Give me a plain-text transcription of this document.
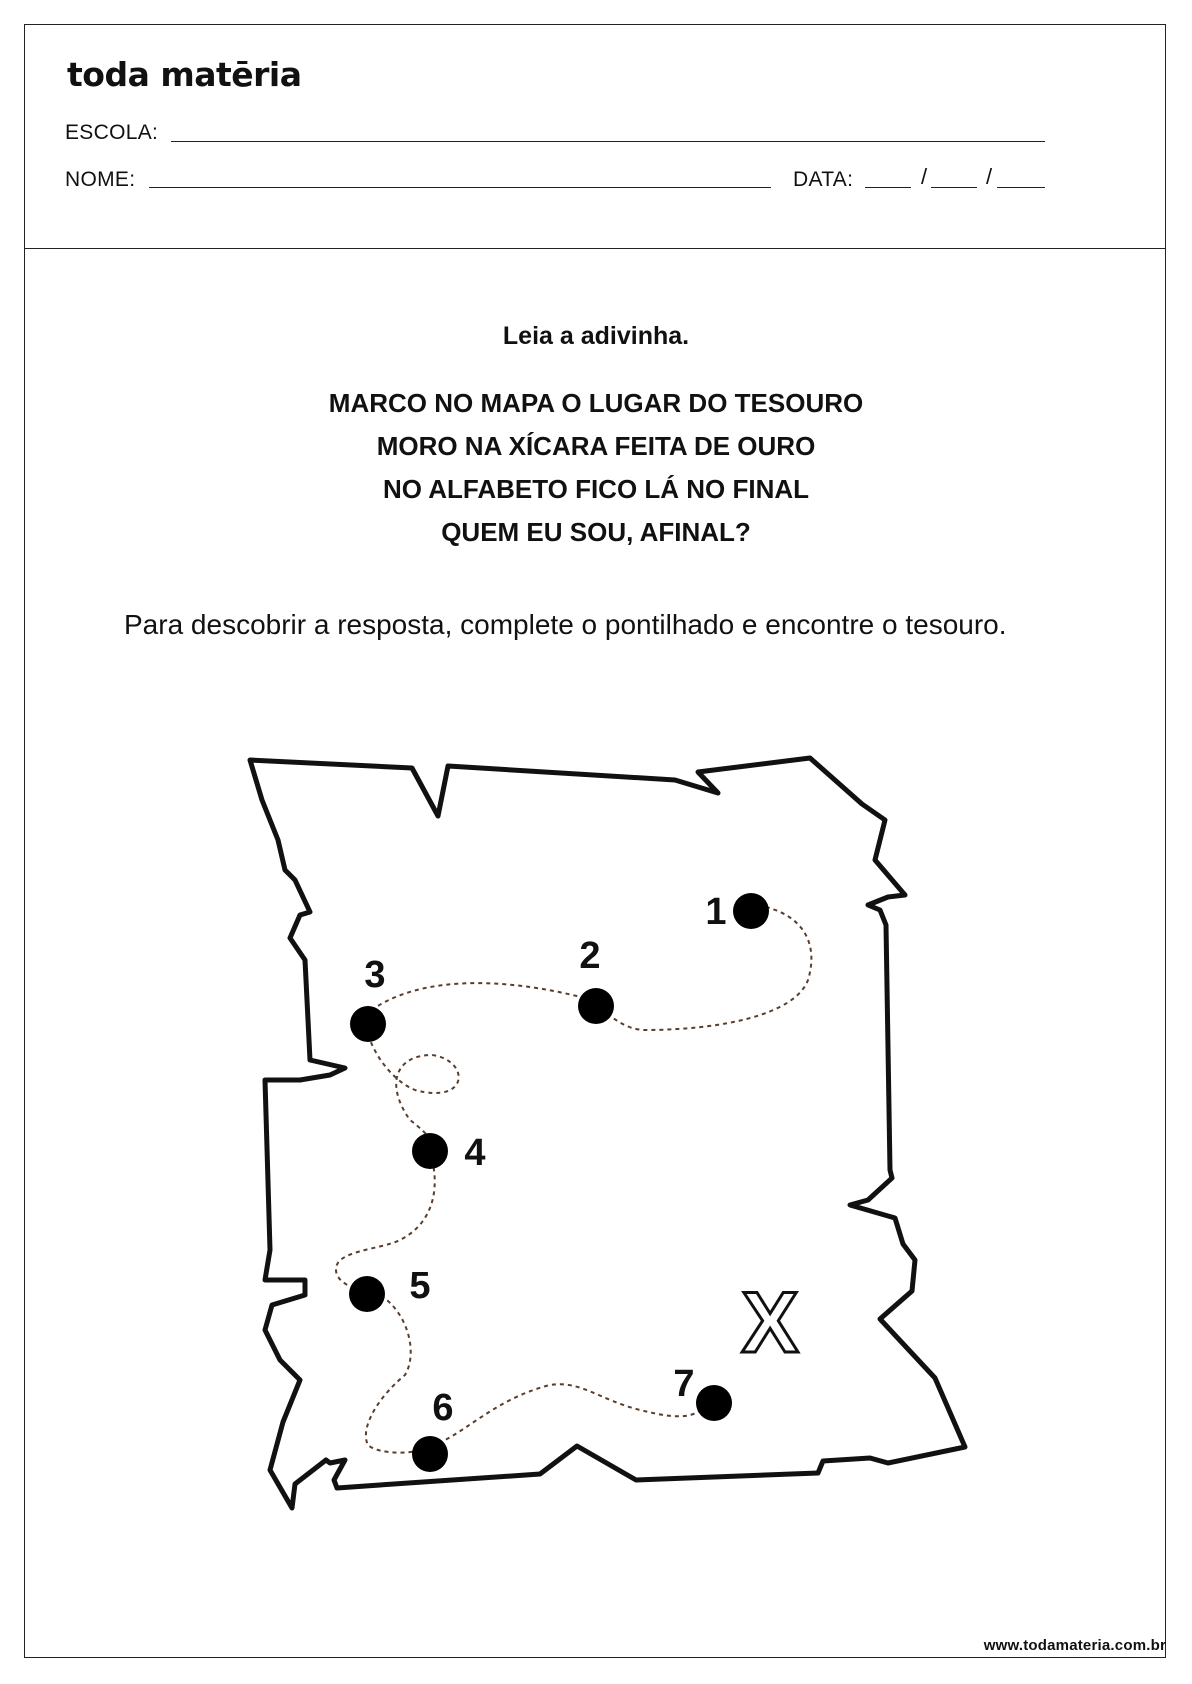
toda matēria
ESCOLA:
NOME:	DATA:	/	/
Leia a adivinha.
MARCO NO MAPA O LUGAR DO TESOURO
MORO NA XÍCARA FEITA DE OURO
NO ALFABETO FICO LÁ NO FINAL
QUEM EU SOU, AFINAL?
Para descobrir a resposta, complete o pontilhado e encontre o tesouro.
X
1
2
3
4
5
6
7
www.todamateria.com.br
